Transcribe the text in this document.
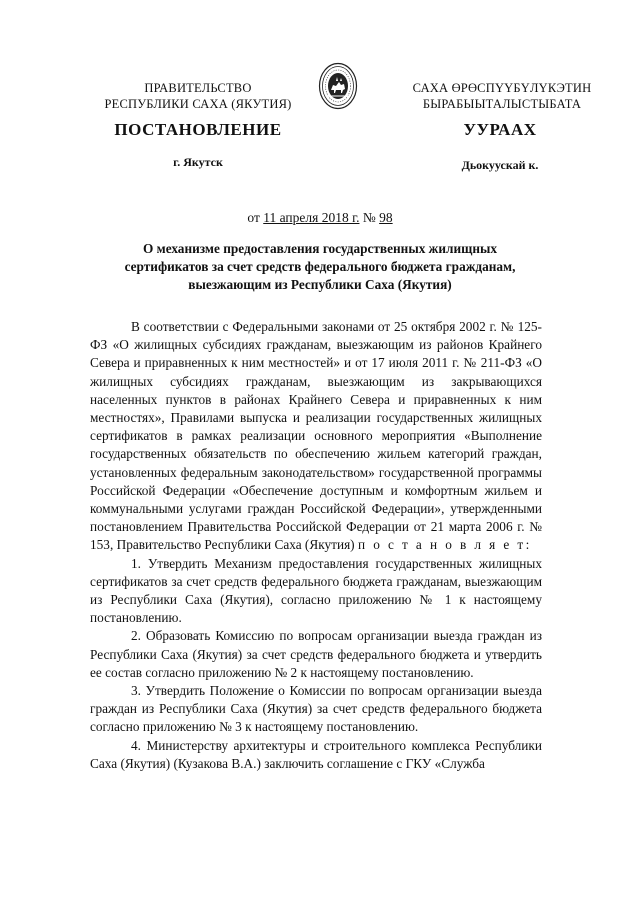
ПРАВИТЕЛЬСТВО
РЕСПУБЛИКИ САХА (ЯКУТИЯ)
САХА ӨРӨСПYYБYЛYКЭТИН
БЫРАБЫЫТАЛЫСТЫБАТА
ПОСТАНОВЛЕНИЕ	УУРААХ
г. Якутск	Дьокуускай к.
от 11 апреля 2018 г. № 98
О механизме предоставления государственных жилищных
сертификатов за счет средств федерального бюджета гражданам,
выезжающим из Республики Саха (Якутия)

В соответствии с Федеральными законами от 25 октября 2002 г. № 125-ФЗ «О жилищных субсидиях гражданам, выезжающим из районов Крайнего Севера и приравненных к ним местностей» и от 17 июля 2011 г. № 211-ФЗ «О жилищных субсидиях гражданам, выезжающим из закрывающихся населенных пунктов в районах Крайнего Севера и приравненных к ним местностях», Правилами выпуска и реализации государственных жилищных сертификатов в рамках реализации основного мероприятия «Выполнение государственных обязательств по обеспечению жильем категорий граждан, установленных федеральным законодательством» государственной программы Российской Федерации «Обеспечение доступным и комфортным жильем и коммунальными услугами граждан Российской Федерации», утвержденными постановлением Правительства Российской Федерации от 21 марта 2006 г. № 153, Правительство Республики Саха (Якутия) п о с т а н о в л я е т:

1. Утвердить Механизм предоставления государственных жилищных сертификатов за счет средств федерального бюджета гражданам, выезжающим из Республики Саха (Якутия), согласно приложению № 1 к настоящему постановлению.

2. Образовать Комиссию по вопросам организации выезда граждан из Республики Саха (Якутия) за счет средств федерального бюджета и утвердить ее состав согласно приложению № 2 к настоящему постановлению.

3. Утвердить Положение о Комиссии по вопросам организации выезда граждан из Республики Саха (Якутия) за счет средств федерального бюджета согласно приложению № 3 к настоящему постановлению.

4. Министерству архитектуры и строительного комплекса Республики Саха (Якутия) (Кузакова В.А.) заключить соглашение с ГКУ «Служба
